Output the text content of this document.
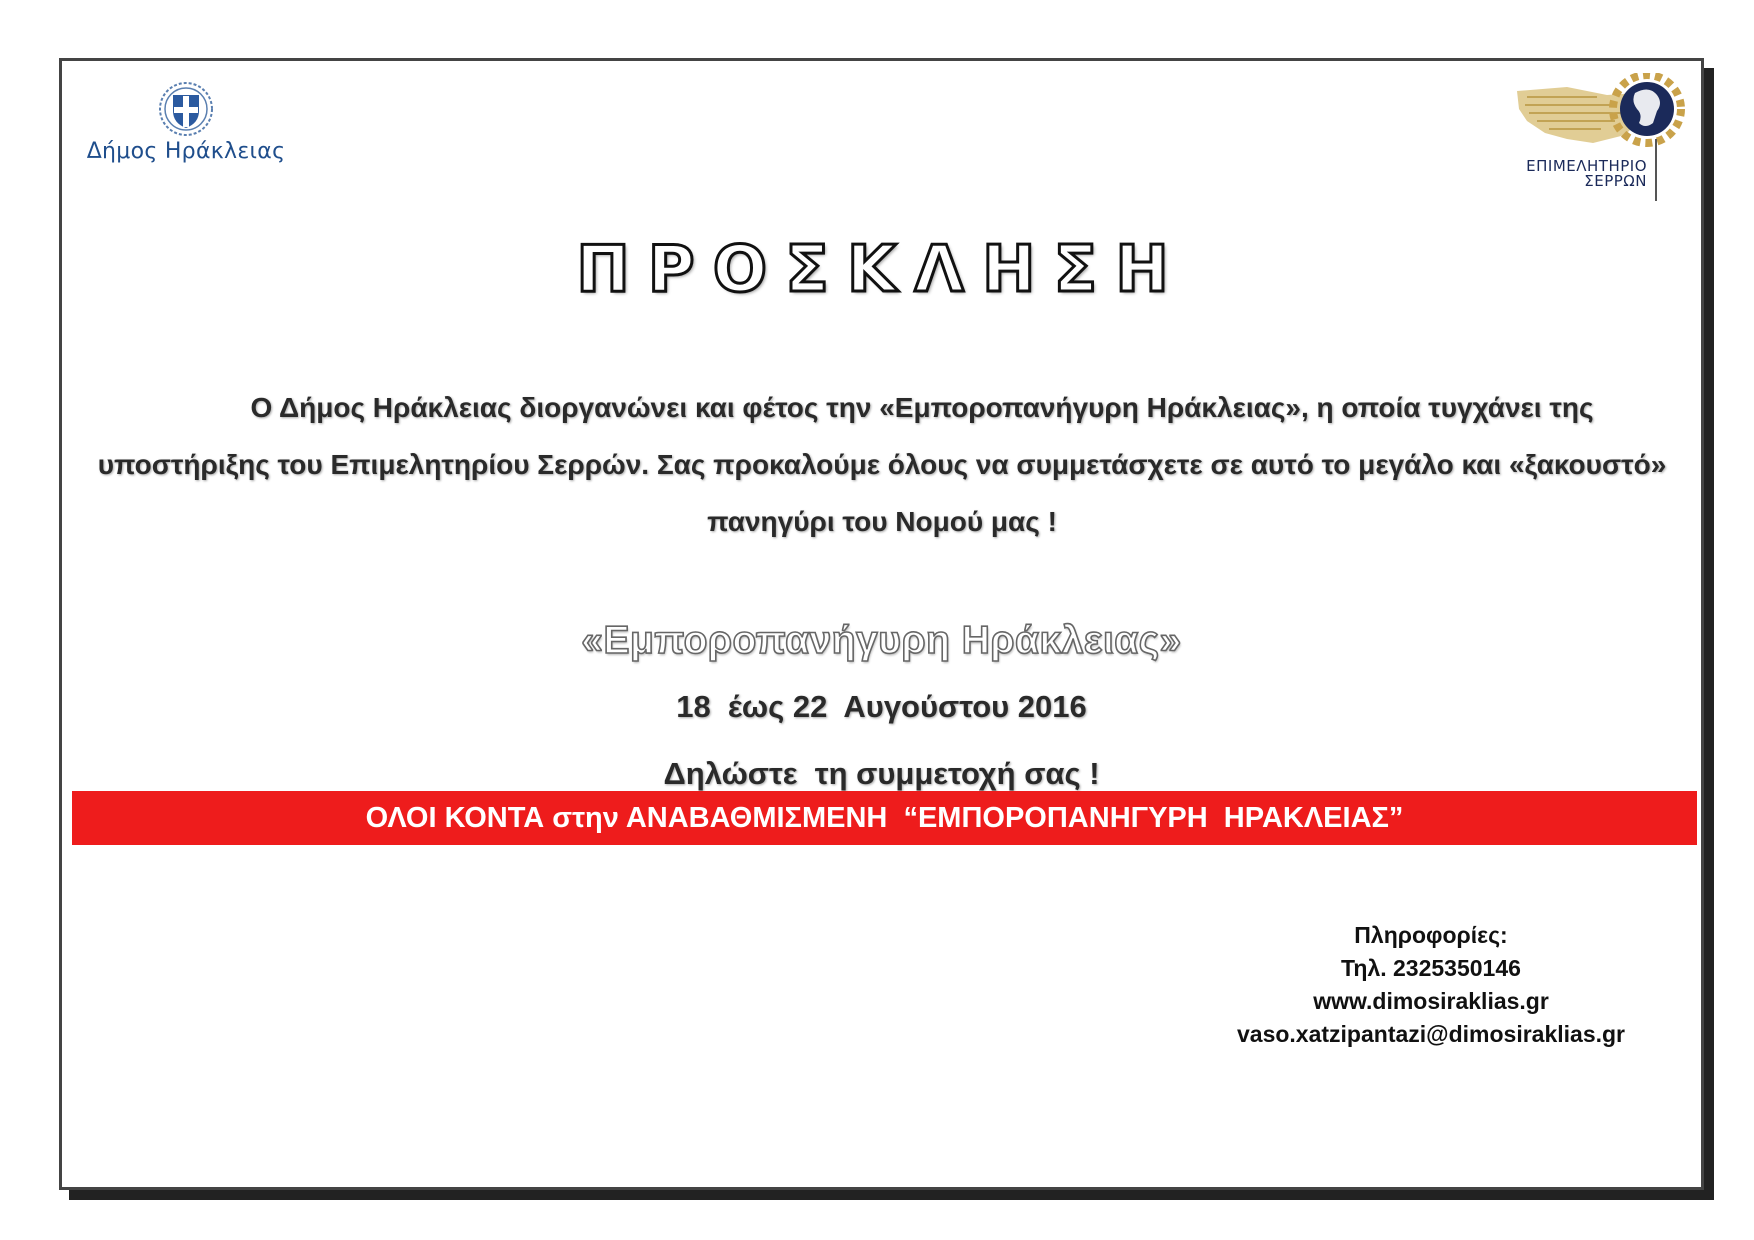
Δήμος Ηράκλειας
ΕΠΙΜΕΛΗΤΗΡΙΟ
ΣΕΡΡΩΝ
ΠΡΟΣΚΛΗΣΗ
Ο Δήμος Ηράκλειας διοργανώνει και φέτος την «Εμποροπανήγυρη Ηράκλειας», η οποία τυγχάνει της υποστήριξης του Επιμελητηρίου Σερρών. Σας προκαλούμε όλους να συμμετάσχετε σε αυτό το μεγάλο και «ξακουστό» πανηγύρι του Νομού μας !
«Εμποροπανήγυρη Ηράκλειας»
18  έως 22  Αυγούστου 2016
Δηλώστε  τη συμμετοχή σας !
ΟΛΟΙ ΚΟΝΤΑ στην ΑΝΑΒΑΘΜΙΣΜΕΝΗ  “ΕΜΠΟΡΟΠΑΝΗΓΥΡΗ  ΗΡΑΚΛΕΙΑΣ”
Πληροφορίες:
Τηλ. 2325350146
www.dimosiraklias.gr
vaso.xatzipantazi@dimosiraklias.gr
